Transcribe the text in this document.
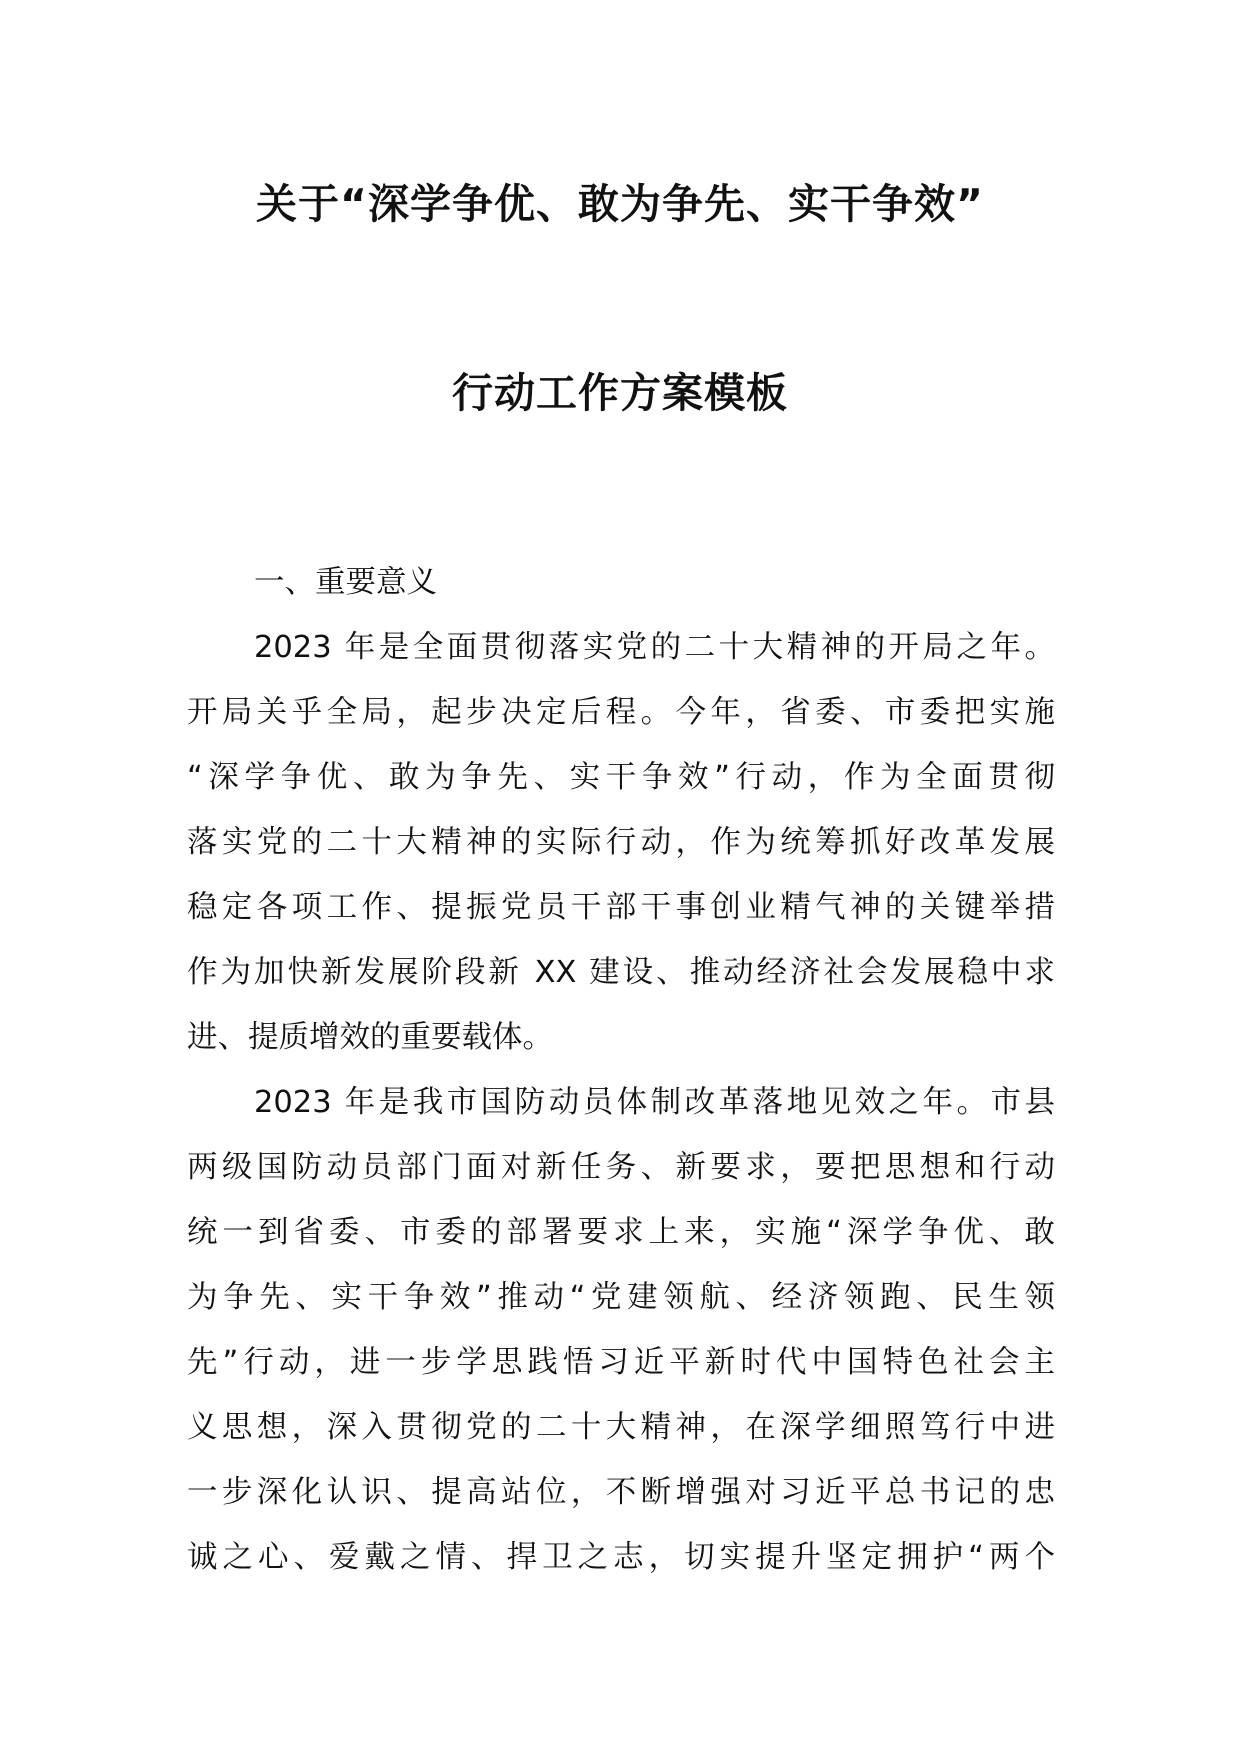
关于“深学争优、敢为争先、实干争效”
行动工作方案模板
一、重要意义
2023 年是全面贯彻落实党的二十大精神的开局之年。
开局关乎全局，起步决定后程。今年，省委、市委把实施
“深学争优、敢为争先、实干争效”行动，作为全面贯彻
落实党的二十大精神的实际行动，作为统筹抓好改革发展
稳定各项工作、提振党员干部干事创业精气神的关键举措
作为加快新发展阶段新 XX 建设、推动经济社会发展稳中求
进、提质增效的重要载体。
2023 年是我市国防动员体制改革落地见效之年。市县
两级国防动员部门面对新任务、新要求，要把思想和行动
统一到省委、市委的部署要求上来，实施“深学争优、敢
为争先、实干争效”推动“党建领航、经济领跑、民生领
先”行动，进一步学思践悟习近平新时代中国特色社会主
义思想，深入贯彻党的二十大精神，在深学细照笃行中进
一步深化认识、提高站位，不断增强对习近平总书记的忠
诚之心、爱戴之情、捍卫之志，切实提升坚定拥护“两个
